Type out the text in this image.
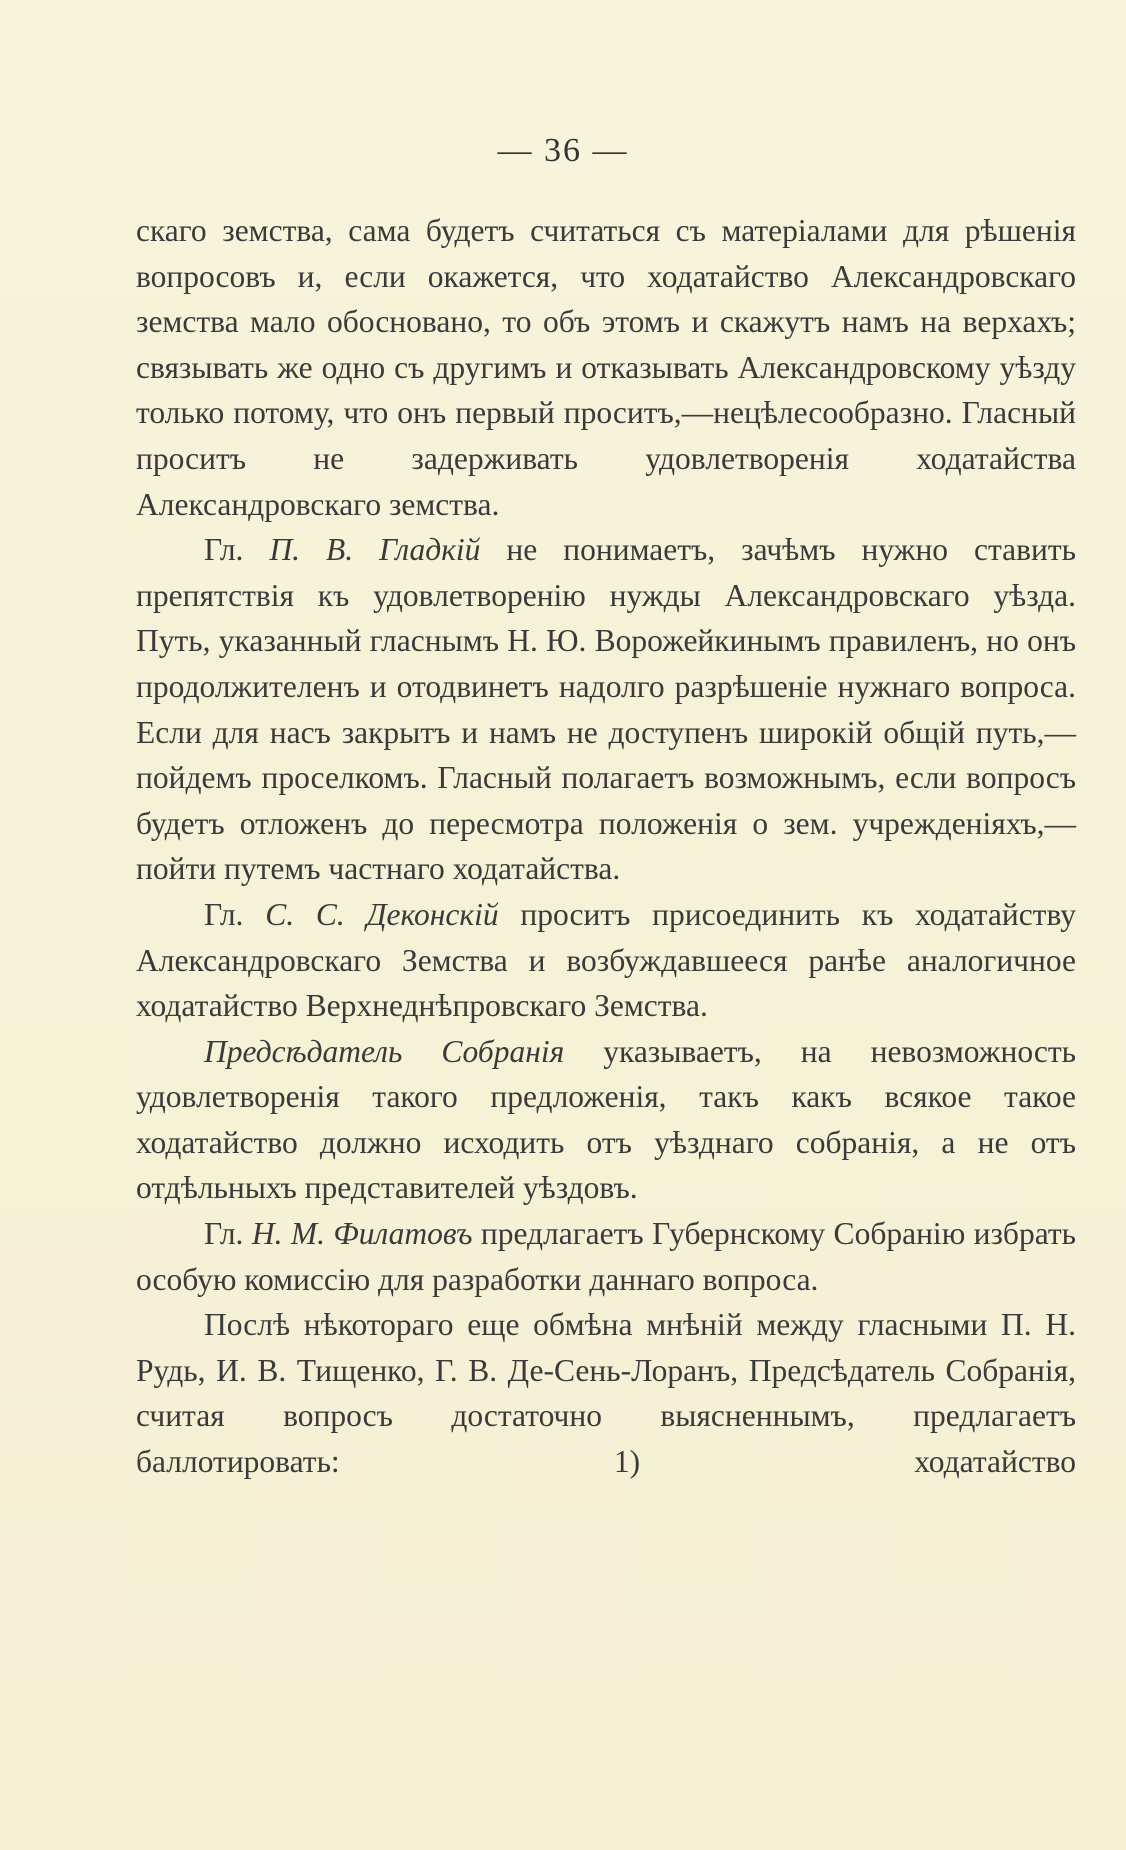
— 36 —

скаго земства, сама будетъ считаться съ матеріалами для рѣшенія вопросовъ и, если окажется, что ходатайство Александровскаго земства мало обосновано, то объ этомъ и скажутъ намъ на верхахъ; связывать же одно съ другимъ и отказывать Александровскому уѣзду только потому, что онъ первый проситъ,—нецѣлесообразно. Гласный проситъ не задерживать удовлетворенія ходатайства Александровскаго земства.

Гл. П. В. Гладкій не понимаетъ, зачѣмъ нужно ставить препятствія къ удовлетворенію нужды Александровскаго уѣзда. Путь, указанный гласнымъ Н. Ю. Ворожейкинымъ правиленъ, но онъ продолжителенъ и отодвинетъ надолго разрѣшеніе нужнаго вопроса. Если для насъ закрытъ и намъ не доступенъ широкій общій путь,—пойдемъ проселкомъ. Гласный полагаетъ возможнымъ, если вопросъ будетъ отложенъ до пересмотра положенія о зем. учрежденіяхъ,—пойти путемъ частнаго ходатайства.

Гл. С. С. Деконскій проситъ присоединить къ ходатайству Александровскаго Земства и возбуждавшееся ранѣе аналогичное ходатайство Верхнеднѣпровскаго Земства.

Предсѣдатель Собранія указываетъ, на невозможность удовлетворенія такого предложенія, такъ какъ всякое такое ходатайство должно исходить отъ уѣзднаго собранія, а не отъ отдѣльныхъ представителей уѣздовъ.

Гл. Н. М. Филатовъ предлагаетъ Губернскому Собранію избрать особую комиссію для разработки даннаго вопроса.

Послѣ нѣкотораго еще обмѣна мнѣній между гласными П. Н. Рудь, И. В. Тищенко, Г. В. Де-Сень-Лоранъ, Предсѣдатель Собранія, считая вопросъ достаточно выясненнымъ, предлагаетъ баллотировать: 1) ходатайство
